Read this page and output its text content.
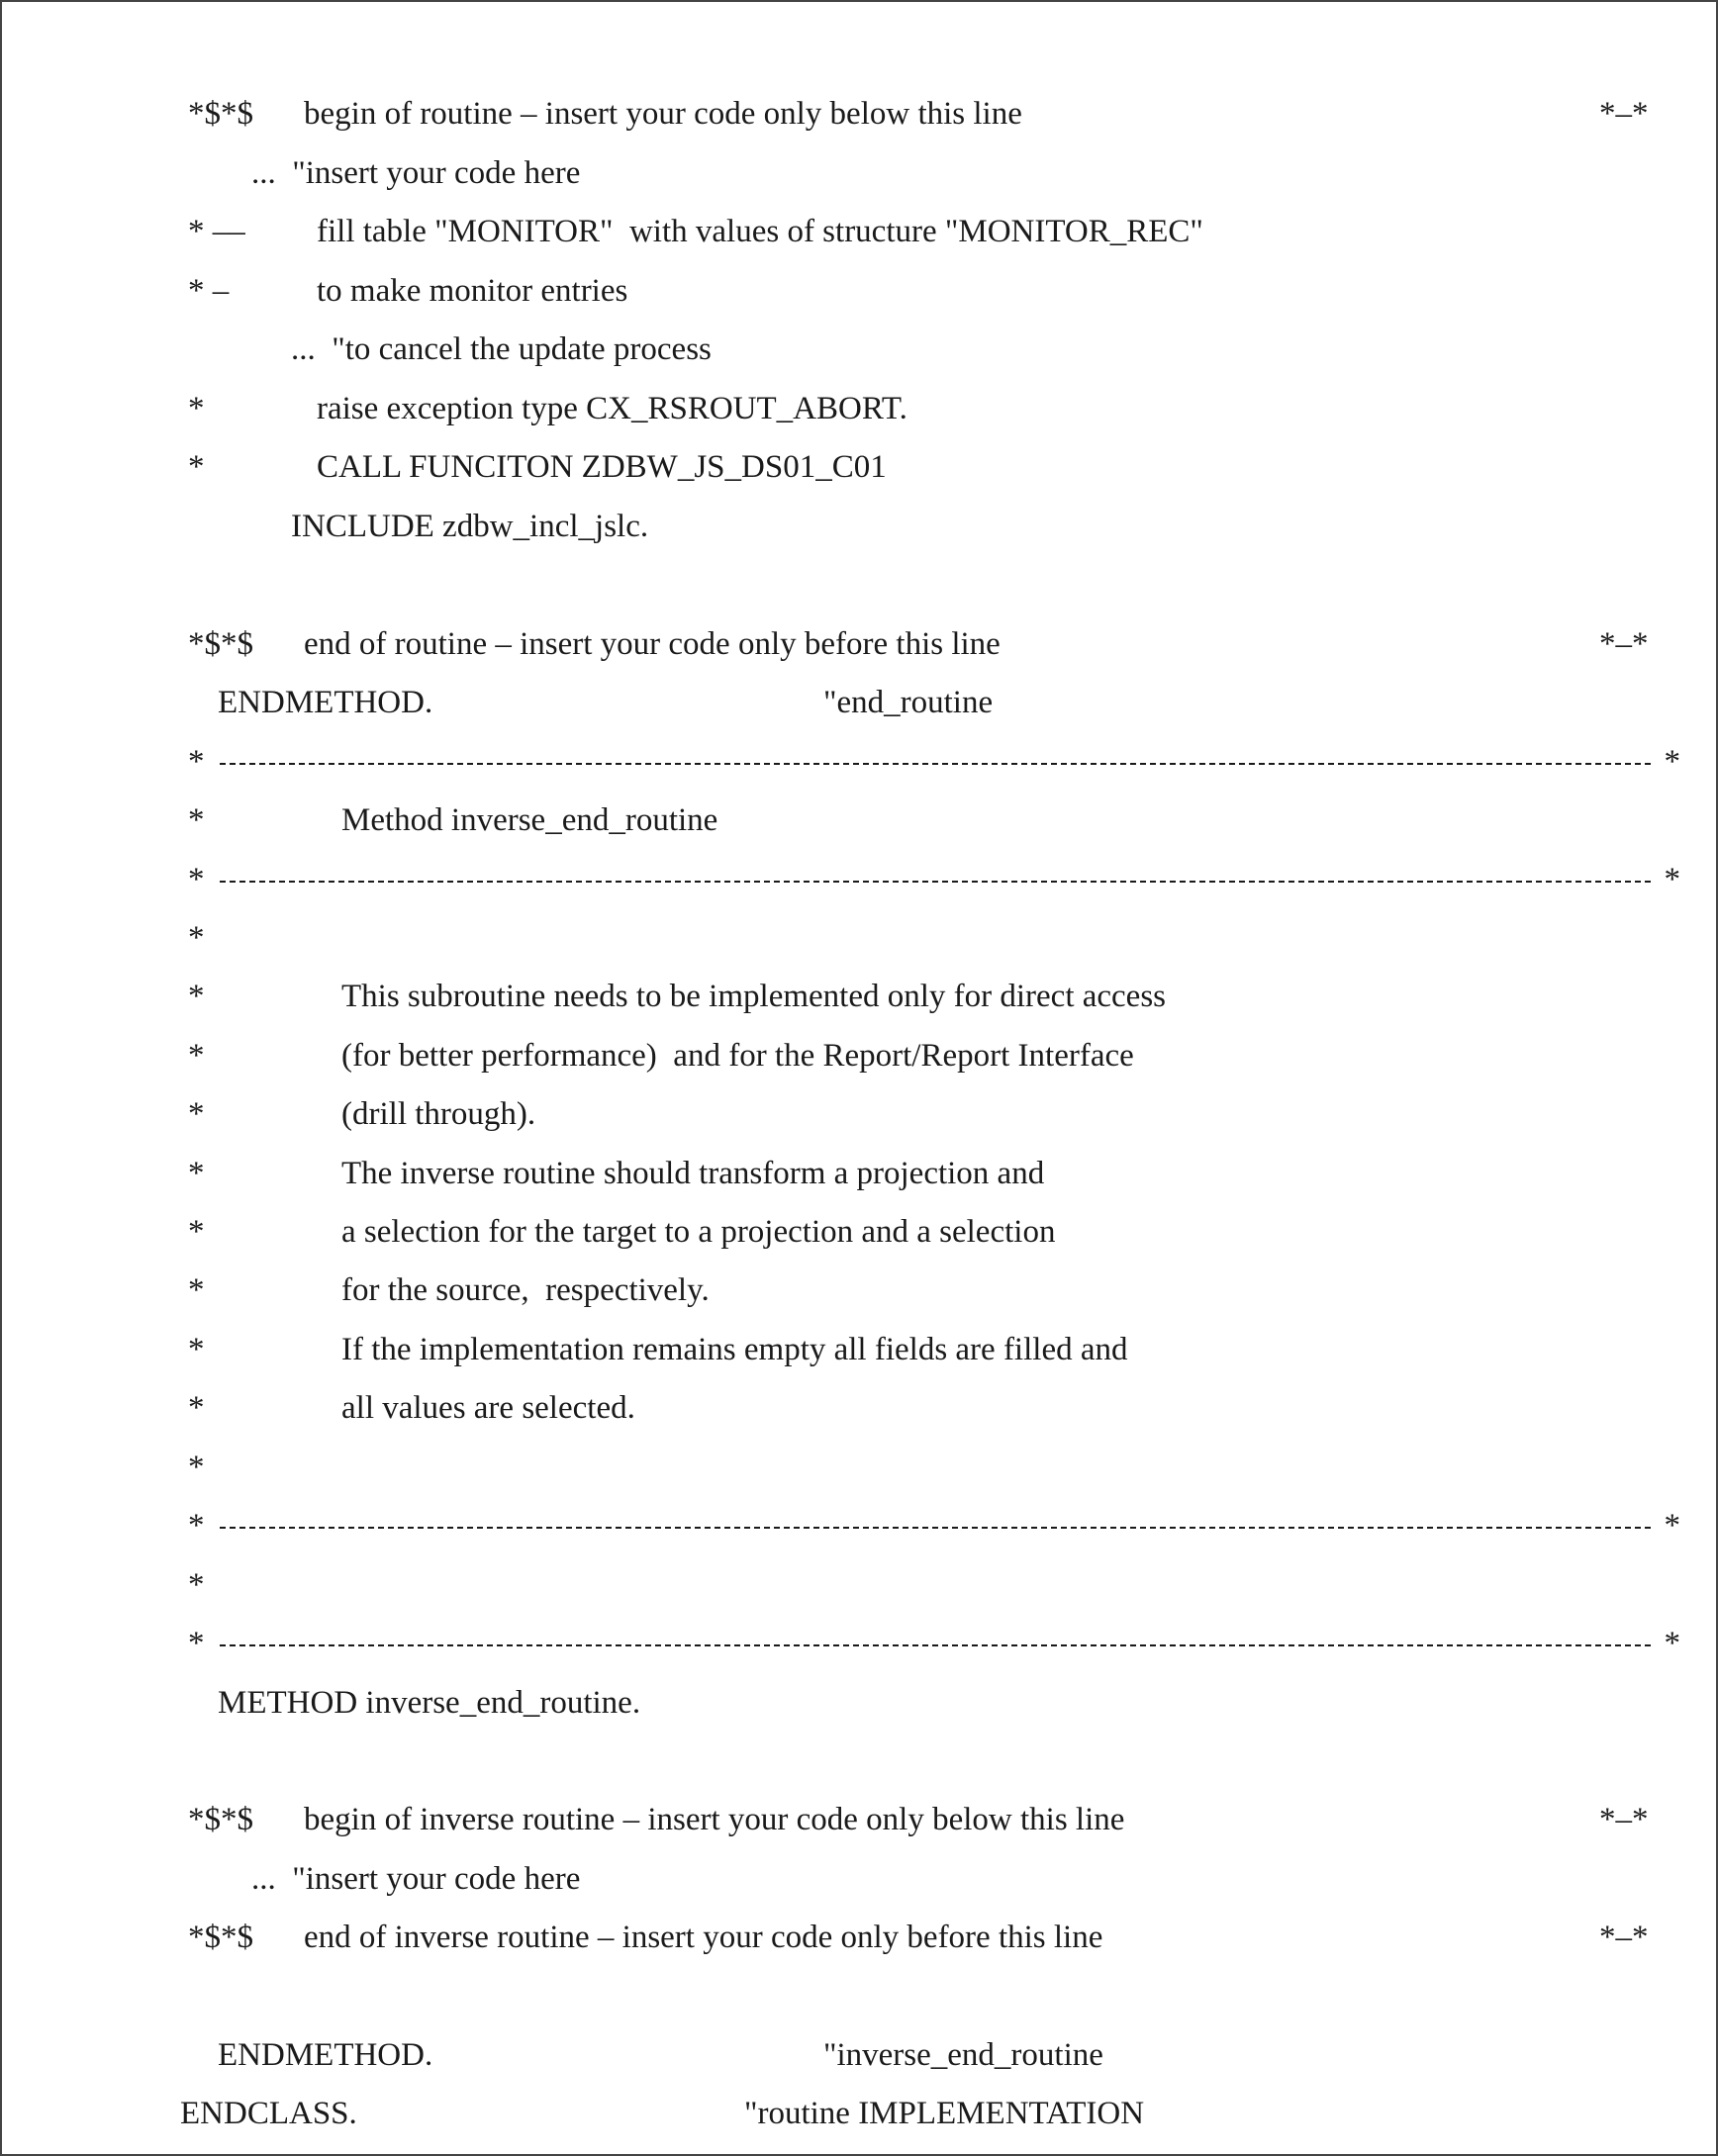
*$*$

begin of routine – insert your code only below this line

	*–*

...  "insert your code here

* ––

fill table "MONITOR"  with values of structure "MONITOR_REC"

* –

	to make monitor entries

...  "to cancel the update process

*

	raise exception type CX_RSROUT_ABORT.

*

	CALL FUNCITON ZDBW_JS_DS01_C01

INCLUDE zdbw_incl_jslc.

*$*$

end of routine – insert your code only before this line

	*–*

ENDMETHOD.

	"end_routine

*	*

*

	Method inverse_end_routine

*	*

*

*

	This subroutine needs to be implemented only for direct access

*

	(for better performance)  and for the Report/Report Interface

*

	(drill through).

*

	The inverse routine should transform a projection and

*

	a selection for the target to a projection and a selection

*

	for the source,  respectively.

*

	If the implementation remains empty all fields are filled and

*

	all values are selected.

*

*	*

*

*	*

METHOD inverse_end_routine.

*$*$

begin of inverse routine – insert your code only below this line

	*–*

...  "insert your code here

*$*$

end of inverse routine – insert your code only before this line

	*–*

ENDMETHOD.

	"inverse_end_routine

ENDCLASS.

	"routine IMPLEMENTATION
